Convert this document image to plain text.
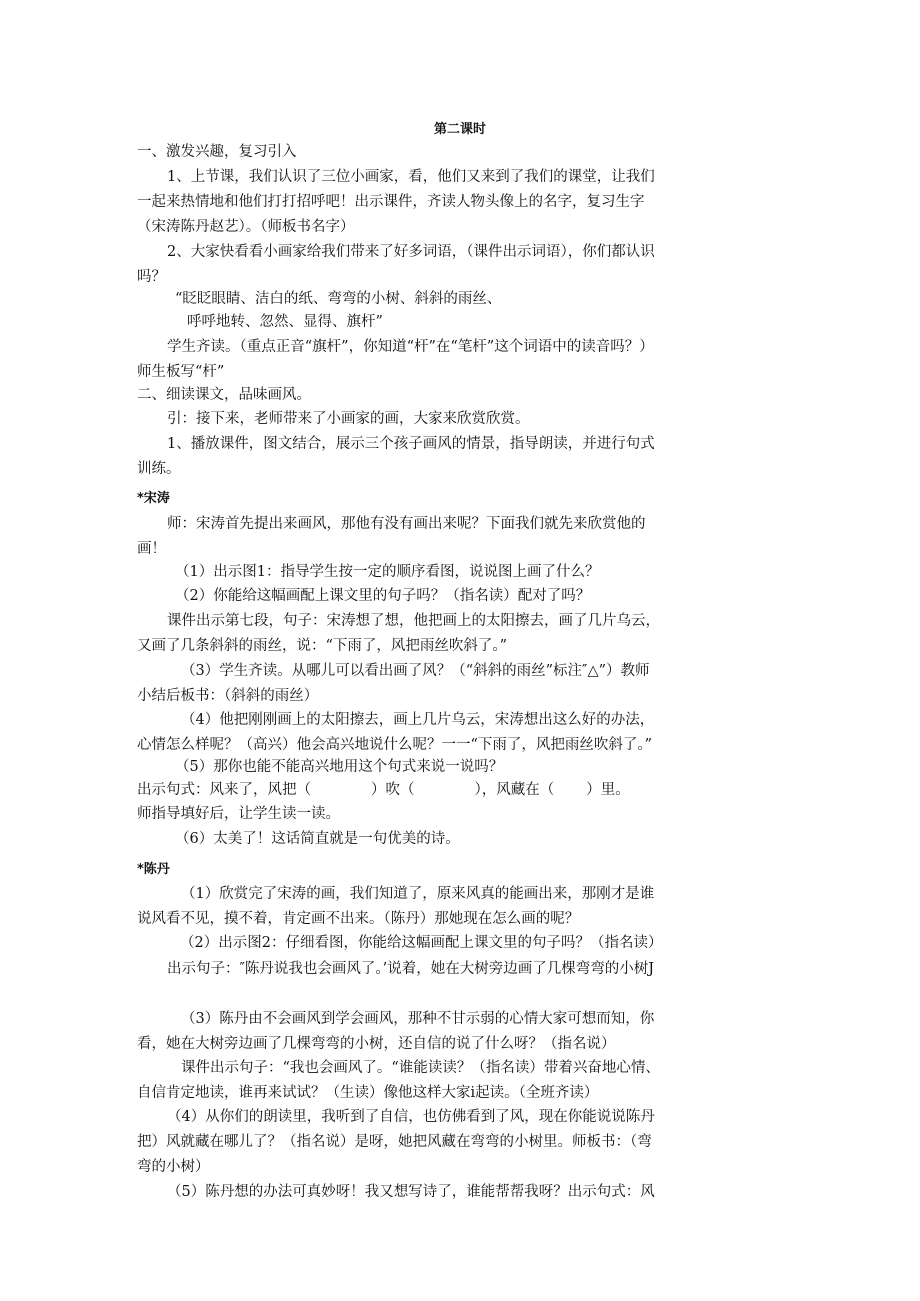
第二课时
一、激发兴趣，复习引入
1、上节课，我们认识了三位小画家，看，他们又来到了我们的课堂，让我们一起来热情地和他们打打招呼吧！出示课件，齐读人物头像上的名字，复习生字（宋涛陈丹赵艺）。（师板书名字）
2、大家快看看小画家给我们带来了好多词语，（课件出示词语），你们都认识吗？
“眨眨眼睛、洁白的纸、弯弯的小树、斜斜的雨丝、
呼呼地转、忽然、显得、旗杆”
学生齐读。（重点正音“旗杆”，你知道“杆”在“笔杆”这个词语中的读音吗？）师生板写“杆”
二、细读课文，品味画风。
引：接下来，老师带来了小画家的画，大家来欣赏欣赏。
1、播放课件，图文结合，展示三个孩子画风的情景，指导朗读，并进行句式训练。
*宋涛
师：宋涛首先提出来画风，那他有没有画出来呢？下面我们就先来欣赏他的画！
（1）出示图1：指导学生按一定的顺序看图，说说图上画了什么？
（2）你能给这幅画配上课文里的句子吗？（指名读）配对了吗？
课件出示第七段，句子：宋涛想了想，他把画上的太阳擦去，画了几片乌云，又画了几条斜斜的雨丝，说：“下雨了，风把雨丝吹斜了。”
（3）学生齐读。从哪儿可以看出画了风？（“斜斜的雨丝”标注″△”）教师小结后板书：（斜斜的雨丝）
（4）他把刚刚画上的太阳擦去，画上几片乌云，宋涛想出这么好的办法，心情怎么样呢？（高兴）他会高兴地说什么呢？一一“下雨了，风把雨丝吹斜了。”
（5）那你也能不能高兴地用这个句式来说一说吗？
出示句式：风来了，风把（	）吹（	），风藏在（ ）里。
师指导填好后，让学生读一读。
（6）太美了！这话简直就是一句优美的诗。
*陈丹
（1）欣赏完了宋涛的画，我们知道了，原来风真的能画出来，那刚才是谁说风看不见，摸不着，肯定画不出来。（陈丹）那她现在怎么画的呢？
（2）出示图2：仔细看图，你能给这幅画配上课文里的句子吗？（指名读）
出示句子：″陈丹说我也会画风了。’说着，她在大树旁边画了几棵弯弯的小树J
（3）陈丹由不会画风到学会画风，那种不甘示弱的心情大家可想而知，你看，她在大树旁边画了几棵弯弯的小树，还自信的说了什么呀？（指名说）
课件出示句子：“我也会画风了。“谁能读读？（指名读）带着兴奋地心情、自信肯定地读，谁再来试试？（生读）像他这样大家i起读。（全班齐读）
（4）从你们的朗读里，我听到了自信，也仿佛看到了风，现在你能说说陈丹把）风就藏在哪儿了？（指名说）是呀，她把风藏在弯弯的小树里。师板书：（弯弯的小树）
（5）陈丹想的办法可真妙呀！我又想写诗了，谁能帮帮我呀？出示句式：风
